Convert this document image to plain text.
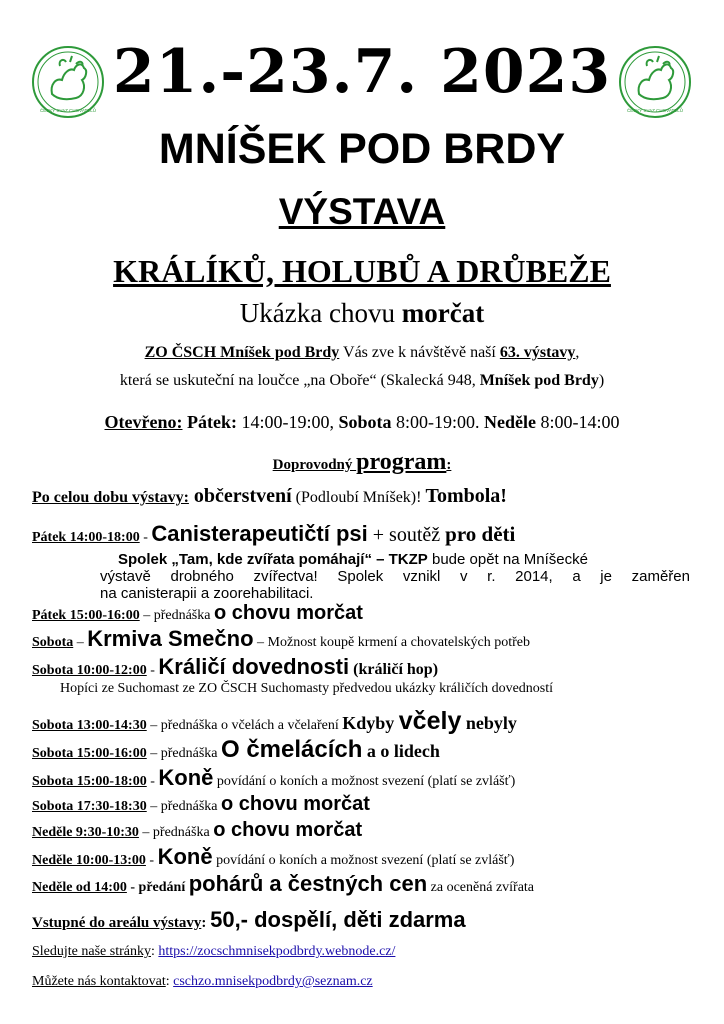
ČESKÝ SVAZ CHOVATELŮ	ČESKÝ SVAZ CHOVATELŮ
21.-23.7. 2023
MNÍŠEK POD BRDY
VÝSTAVA
KRÁLÍKŮ, HOLUBŮ A DRŮBEŽE
Ukázka chovu morčat
ZO ČSCH Mníšek pod Brdy Vás zve k návštěvě naší 63. výstavy,
která se uskuteční na loučce „na Oboře“ (Skalecká 948, Mníšek pod Brdy)
Otevřeno: Pátek: 14:00-19:00, Sobota 8:00-19:00. Neděle 8:00-14:00
Doprovodný program:
Po celou dobu výstavy: občerstvení (Podloubí Mníšek)! Tombola!
Pátek 14:00-18:00 - Canisterapeutičtí psi + soutěž pro děti
Spolek „Tam, kde zvířata pomáhají“ – TKZP bude opět na Mníšecké
výstavě drobného zvířectva! Spolek vznikl v r. 2014, a je zaměřen
na canisterapii a zoorehabilitaci.
Pátek 15:00-16:00 – přednáška o chovu morčat
Sobota – Krmiva Smečno – Možnost koupě krmení a chovatelských potřeb
Sobota 10:00-12:00 - Králičí dovednosti (králičí hop)
Hopíci ze Suchomast ze ZO ČSCH Suchomasty předvedou ukázky králičích dovedností
Sobota 13:00-14:30 – přednáška o včelách a včelaření Kdyby včely nebyly
Sobota 15:00-16:00 – přednáška O čmelácích a o lidech
Sobota 15:00-18:00 - Koně povídání o koních a možnost svezení (platí se zvlášť)
Sobota 17:30-18:30 – přednáška o chovu morčat
Neděle 9:30-10:30 – přednáška o chovu morčat
Neděle 10:00-13:00 - Koně povídání o koních a možnost svezení (platí se zvlášť)
Neděle od 14:00 - předání pohárů a čestných cen za oceněná zvířata
Vstupné do areálu výstavy: 50,- dospělí, děti zdarma
Sledujte naše stránky: https://zocschmnisekpodbrdy.webnode.cz/
Můžete nás kontaktovat: cschzo.mnisekpodbrdy@seznam.cz
